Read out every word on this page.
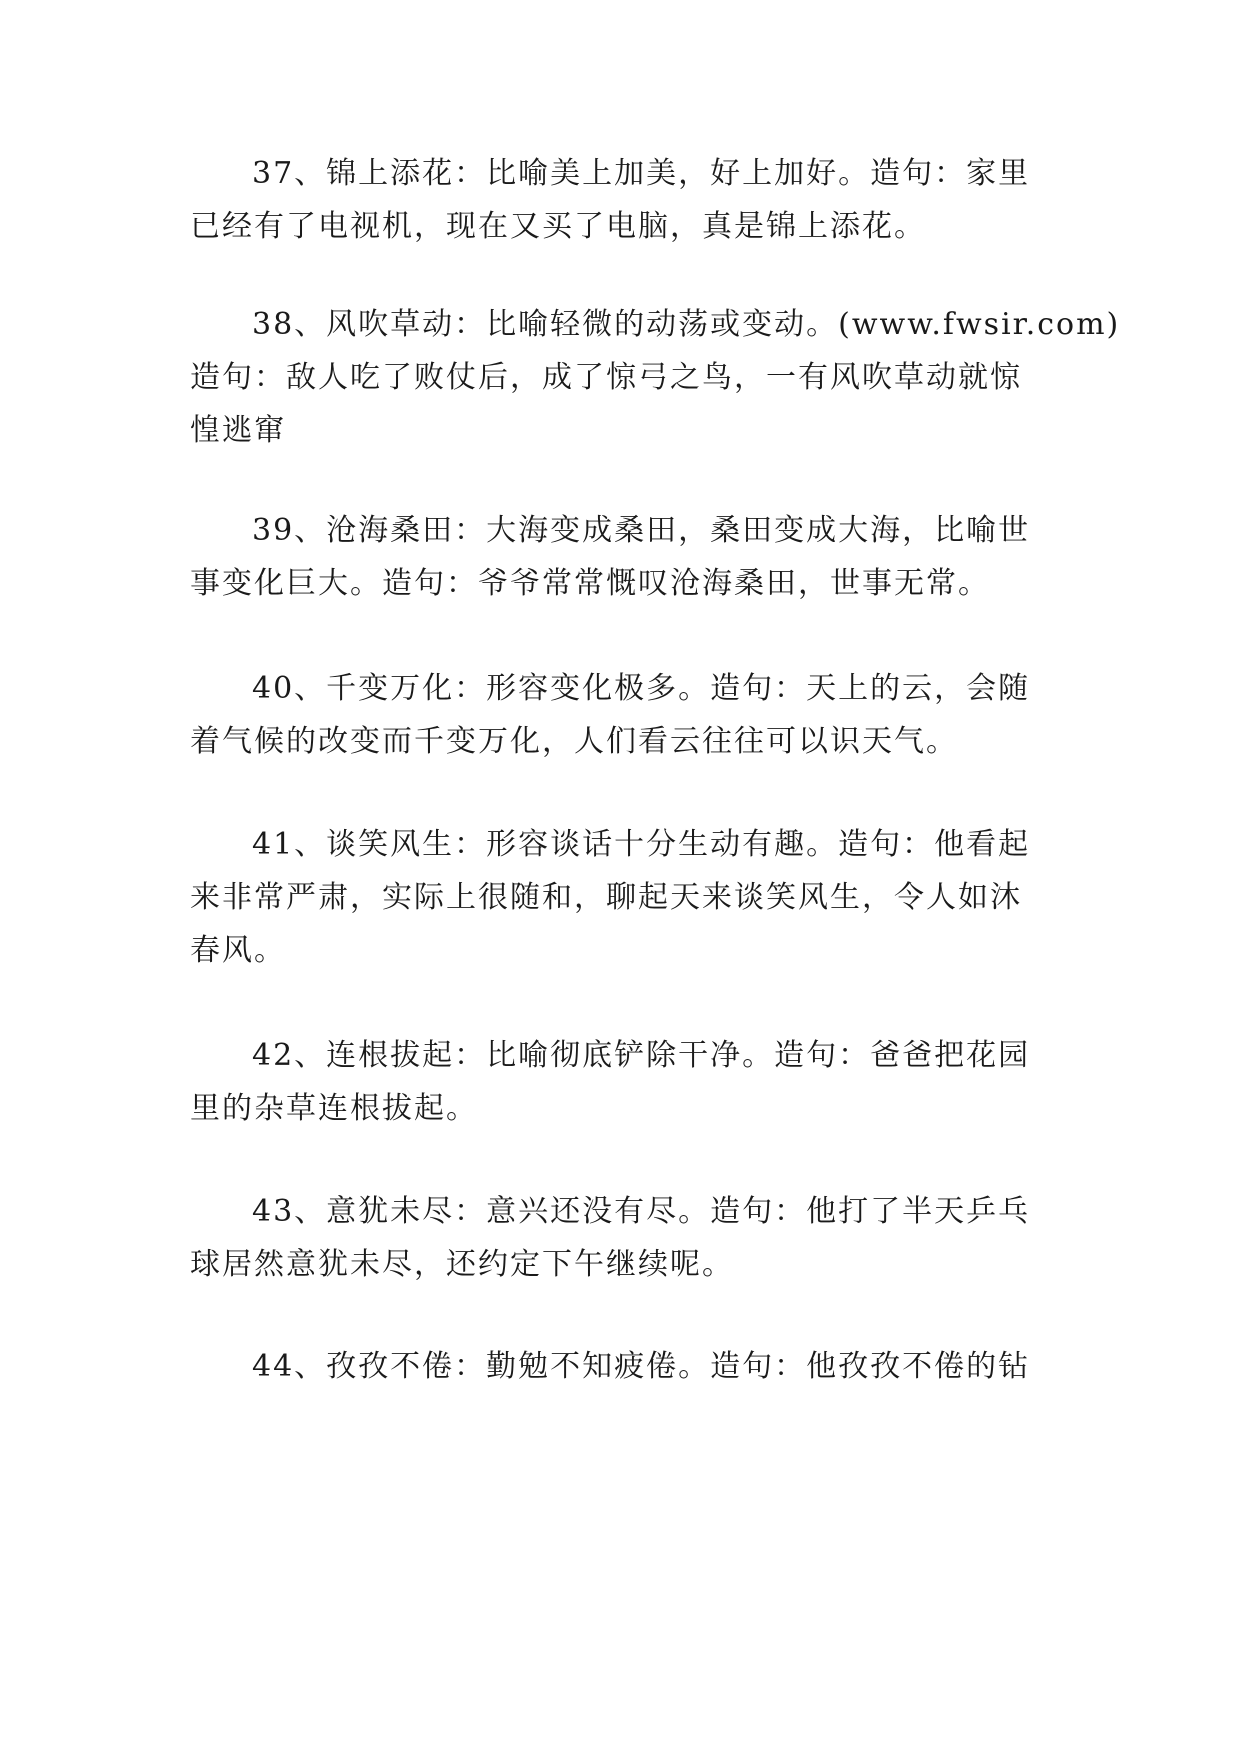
37、锦上添花：比喻美上加美，好上加好。造句：家里
已经有了电视机，现在又买了电脑，真是锦上添花。

38、风吹草动：比喻轻微的动荡或变动。(www.fwsir.com)
造句：敌人吃了败仗后，成了惊弓之鸟，一有风吹草动就惊
惶逃窜

39、沧海桑田：大海变成桑田，桑田变成大海，比喻世
事变化巨大。造句：爷爷常常慨叹沧海桑田，世事无常。

40、千变万化：形容变化极多。造句：天上的云，会随
着气候的改变而千变万化，人们看云往往可以识天气。

41、谈笑风生：形容谈话十分生动有趣。造句：他看起
来非常严肃，实际上很随和，聊起天来谈笑风生，令人如沐
春风。

42、连根拔起：比喻彻底铲除干净。造句：爸爸把花园
里的杂草连根拔起。

43、意犹未尽：意兴还没有尽。造句：他打了半天乒乓
球居然意犹未尽，还约定下午继续呢。

44、孜孜不倦：勤勉不知疲倦。造句：他孜孜不倦的钻
